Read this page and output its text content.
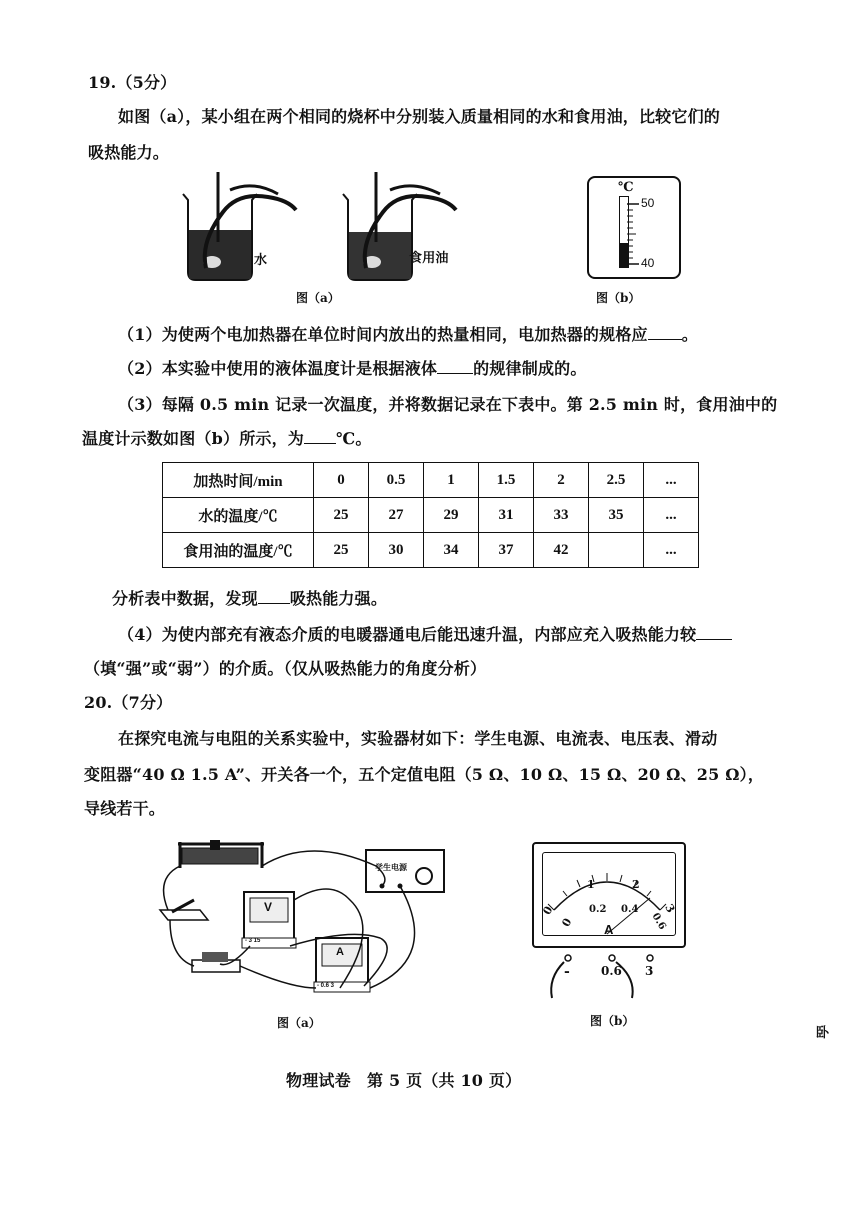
19.（5分）
如图（a），某小组在两个相同的烧杯中分别装入质量相同的水和食用油，比较它们的
吸热能力。
水	食用油
图（a）
℃
50
40
图（b）
（1）为使两个电加热器在单位时间内放出的热量相同，电加热器的规格应 。
（2）本实验中使用的液体温度计是根据液体 的规律制成的。
（3）每隔 0.5 min 记录一次温度，并将数据记录在下表中。第 2.5 min 时，食用油中的
温度计示数如图（b）所示，为 ℃。
加热时间/min	0	0.5	1	1.5	2	2.5	...
水的温度/℃	25	27	29	31	33	35	...
食用油的温度/℃	25	30	34	37	42		...
分析表中数据，发现 吸热能力强。
（4）为使内部充有液态介质的电暖器通电后能迅速升温，内部应充入吸热能力较
（填“强”或“弱”）的介质。（仅从吸热能力的角度分析）
20.（7分）
在探究电流与电阻的关系实验中，实验器材如下：学生电源、电流表、电压表、滑动
变阻器“40 Ω 1.5 A”、开关各一个，五个定值电阻（5 Ω、10 Ω、15 Ω、20 Ω、25 Ω），
导线若干。
学生电源
V
A
- 3 15
- 0.6 3
图（a）
0
0
1	2
3
0.2 0.4
0.6
A
-	0.6 3
图（b）
卧
物理试卷　第 5 页（共 10 页）
